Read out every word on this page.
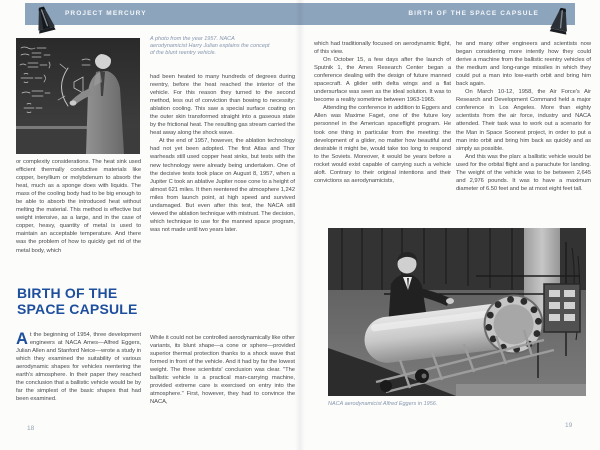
PROJECT MERCURY	BIRTH OF THE SPACE CAPSULE
A photo from the year 1957. NACA aerodynamicist Harry Julian explains the concept of the blunt reentry vehicle.

had been heated to many hundreds of degrees during reentry, before the heat reached the interior of the vehicle. For this reason they turned to the second method, less out of conviction than bowing to necessity: ablation cooling. This saw a special surface coating on the outer skin transformed straight into a gaseous state by the frictional heat. The resulting gas stream carried the heat away along the shock wave.

At the end of 1957, however, the ablation technology had not yet been adopted. The first Atlas and Thor warheads still used copper heat sinks, but tests with the new technology were already being undertaken. One of the decisive tests took place on August 8, 1957, when a Jupiter C took an ablative Jupiter nose cone to a height of almost 621 miles. It then reentered the atmosphere 1,242 miles from launch point, at high speed and survived undamaged. But even after this test, the NACA still viewed the ablation technique with mistrust. The decision, which technique to use for the manned space program, was not made until two years later.

or complexity considerations. The heat sink used efficient thermally conductive materials like copper, beryllium or molybdenum to absorb the heat, much as a sponge does with liquids. The mass of the cooling body had to be big enough to be able to absorb the introduced heat without melting the material. This method is effective but weight intensive, as a large, and in the case of copper, heavy, quantity of metal is used to maintain an acceptable temperature. And there was the problem of how to quickly get rid of the metal body, which

BIRTH OF THE
SPACE CAPSULE

At the beginning of 1954, three development engineers at NACA Ames—Alfred Eggers, Julian Allen and Stanford Neice—wrote a study in which they examined the suitability of various aerodynamic shapes for vehicles reentering the earth's atmosphere. In their paper they reached the conclusion that a ballistic vehicle would be by far the simplest of the basic shapes that had been examined.

While it could not be controlled aerodynamically like other variants, its blunt shape—a cone or sphere—provided superior thermal protection thanks to a shock wave that formed in front of the vehicle. And it had by far the lowest weight. The three scientists' conclusion was clear. "The ballistic vehicle is a practical man-carrying machine, provided extreme care is exercised on entry into the atmosphere." First, however, they had to convince the NACA,

18

which had traditionally focused on aerodynamic flight, of this view.

On October 15, a few days after the launch of Sputnik 1, the Ames Research Center began a conference dealing with the design of future manned spacecraft. A glider with delta wings and a flat undersurface was seen as the ideal solution. It was to become a reality sometime between 1963-1965.

Attending the conference in addition to Eggers and Allen was Maxime Faget, one of the future key personnel in the American spaceflight program. He took one thing in particular from the meeting: the development of a glider, no matter how beautiful and desirable it might be, would take too long to respond to the Soviets. Moreover, it would be years before a rocket would exist capable of carrying such a vehicle aloft. Contrary to their original intentions and their convictions as aerodynamicists,

he and many other engineers and scientists now began considering more intently how they could derive a machine from the ballistic reentry vehicles of the medium and long-range missiles in which they could put a man into low-earth orbit and bring him back again.

On March 10-12, 1958, the Air Force's Air Research and Development Command held a major conference in Los Angeles. More than eighty scientists from the air force, industry and NACA attended. Their task was to work out a scenario for the Man in Space Soonest project, in order to put a man into orbit and bring him back as quickly and as simply as possible.

And this was the plan: a ballistic vehicle would be used for the orbital flight and a parachute for landing. The weight of the vehicle was to be between 2,645 and 2,976 pounds. It was to have a maximum diameter of 6.50 feet and be at most eight feet tall.

NACA aerodynamicist Alfred Eggers in 1956.
19
